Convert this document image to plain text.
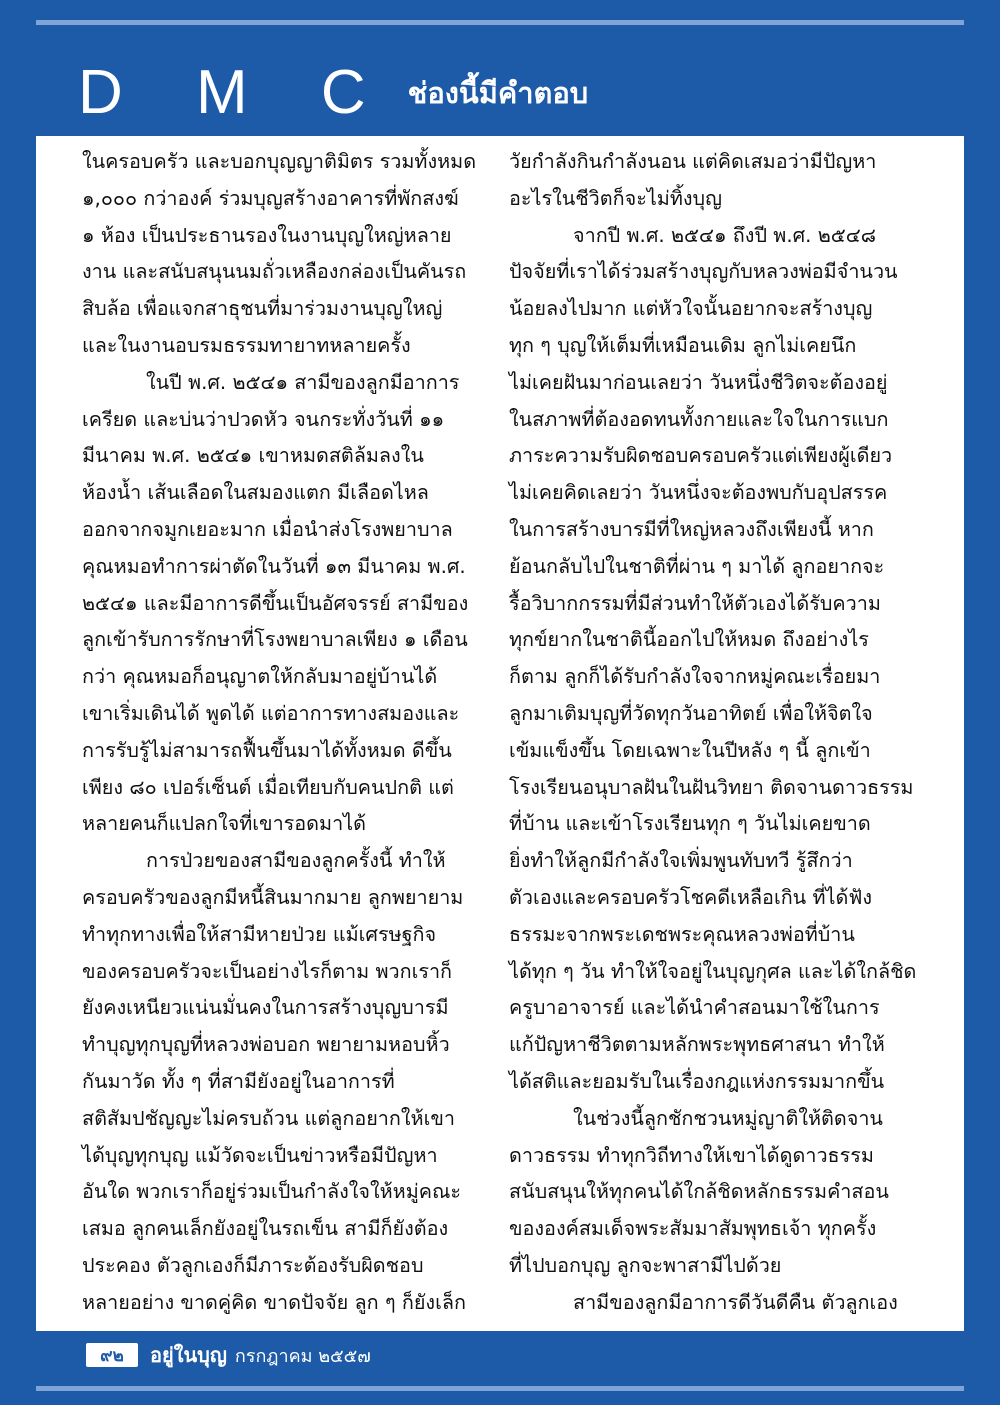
D M C ช่องนี้มีคำตอบ
ในครอบครัว และบอกบุญญาติมิตร รวมทั้งหมด
๑,๐๐๐ กว่าองค์ ร่วมบุญสร้างอาคารที่พักสงฆ์
๑ ห้อง เป็นประธานรองในงานบุญใหญ่หลาย
งาน และสนับสนุนนมถั่วเหลืองกล่องเป็นคันรถ
สิบล้อ เพื่อแจกสาธุชนที่มาร่วมงานบุญใหญ่
และในงานอบรมธรรมทายาทหลายครั้ง
ในปี พ.ศ. ๒๕๔๑ สามีของลูกมีอาการ
เครียด และบ่นว่าปวดหัว จนกระทั่งวันที่ ๑๑
มีนาคม พ.ศ. ๒๕๔๑ เขาหมดสติล้มลงใน
ห้องน้ำ เส้นเลือดในสมองแตก มีเลือดไหล
ออกจากจมูกเยอะมาก เมื่อนำส่งโรงพยาบาล
คุณหมอทำการผ่าตัดในวันที่ ๑๓ มีนาคม พ.ศ.
๒๕๔๑ และมีอาการดีขึ้นเป็นอัศจรรย์ สามีของ
ลูกเข้ารับการรักษาที่โรงพยาบาลเพียง ๑ เดือน
กว่า คุณหมอก็อนุญาตให้กลับมาอยู่บ้านได้
เขาเริ่มเดินได้ พูดได้ แต่อาการทางสมองและ
การรับรู้ไม่สามารถฟื้นขึ้นมาได้ทั้งหมด ดีขึ้น
เพียง ๘๐ เปอร์เซ็นต์ เมื่อเทียบกับคนปกติ แต่
หลายคนก็แปลกใจที่เขารอดมาได้
การป่วยของสามีของลูกครั้งนี้ ทำให้
ครอบครัวของลูกมีหนี้สินมากมาย ลูกพยายาม
ทำทุกทางเพื่อให้สามีหายป่วย แม้เศรษฐกิจ
ของครอบครัวจะเป็นอย่างไรก็ตาม พวกเราก็
ยังคงเหนียวแน่นมั่นคงในการสร้างบุญบารมี
ทำบุญทุกบุญที่หลวงพ่อบอก พยายามหอบหิ้ว
กันมาวัด ทั้ง ๆ ที่สามียังอยู่ในอาการที่
สติสัมปชัญญะไม่ครบถ้วน แต่ลูกอยากให้เขา
ได้บุญทุกบุญ แม้วัดจะเป็นข่าวหรือมีปัญหา
อันใด พวกเราก็อยู่ร่วมเป็นกำลังใจให้หมู่คณะ
เสมอ ลูกคนเล็กยังอยู่ในรถเข็น สามีก็ยังต้อง
ประคอง ตัวลูกเองก็มีภาระต้องรับผิดชอบ
หลายอย่าง ขาดคู่คิด ขาดปัจจัย ลูก ๆ ก็ยังเล็ก
วัยกำลังกินกำลังนอน แต่คิดเสมอว่ามีปัญหา
อะไรในชีวิตก็จะไม่ทิ้งบุญ
จากปี พ.ศ. ๒๕๔๑ ถึงปี พ.ศ. ๒๕๔๘
ปัจจัยที่เราได้ร่วมสร้างบุญกับหลวงพ่อมีจำนวน
น้อยลงไปมาก แต่หัวใจนั้นอยากจะสร้างบุญ
ทุก ๆ บุญให้เต็มที่เหมือนเดิม ลูกไม่เคยนึก
ไม่เคยฝันมาก่อนเลยว่า วันหนึ่งชีวิตจะต้องอยู่
ในสภาพที่ต้องอดทนทั้งกายและใจในการแบก
ภาระความรับผิดชอบครอบครัวแต่เพียงผู้เดียว
ไม่เคยคิดเลยว่า วันหนึ่งจะต้องพบกับอุปสรรค
ในการสร้างบารมีที่ใหญ่หลวงถึงเพียงนี้ หาก
ย้อนกลับไปในชาติที่ผ่าน ๆ มาได้ ลูกอยากจะ
รื้อวิบากกรรมที่มีส่วนทำให้ตัวเองได้รับความ
ทุกข์ยากในชาตินี้ออกไปให้หมด ถึงอย่างไร
ก็ตาม ลูกก็ได้รับกำลังใจจากหมู่คณะเรื่อยมา
ลูกมาเติมบุญที่วัดทุกวันอาทิตย์ เพื่อให้จิตใจ
เข้มแข็งขึ้น โดยเฉพาะในปีหลัง ๆ นี้ ลูกเข้า
โรงเรียนอนุบาลฝันในฝันวิทยา ติดจานดาวธรรม
ที่บ้าน และเข้าโรงเรียนทุก ๆ วันไม่เคยขาด
ยิ่งทำให้ลูกมีกำลังใจเพิ่มพูนทับทวี รู้สึกว่า
ตัวเองและครอบครัวโชคดีเหลือเกิน ที่ได้ฟัง
ธรรมะจากพระเดชพระคุณหลวงพ่อที่บ้าน
ได้ทุก ๆ วัน ทำให้ใจอยู่ในบุญกุศล และได้ใกล้ชิด
ครูบาอาจารย์ และได้นำคำสอนมาใช้ในการ
แก้ปัญหาชีวิตตามหลักพระพุทธศาสนา ทำให้
ได้สติและยอมรับในเรื่องกฎแห่งกรรมมากขึ้น
ในช่วงนี้ลูกชักชวนหมู่ญาติให้ติดจาน
ดาวธรรม ทำทุกวิถีทางให้เขาได้ดูดาวธรรม
สนับสนุนให้ทุกคนได้ใกล้ชิดหลักธรรมคำสอน
ขององค์สมเด็จพระสัมมาสัมพุทธเจ้า ทุกครั้ง
ที่ไปบอกบุญ ลูกจะพาสามีไปด้วย
สามีของลูกมีอาการดีวันดีคืน ตัวลูกเอง
๙๒	อยู่ในบุญ กรกฎาคม ๒๕๕๗
